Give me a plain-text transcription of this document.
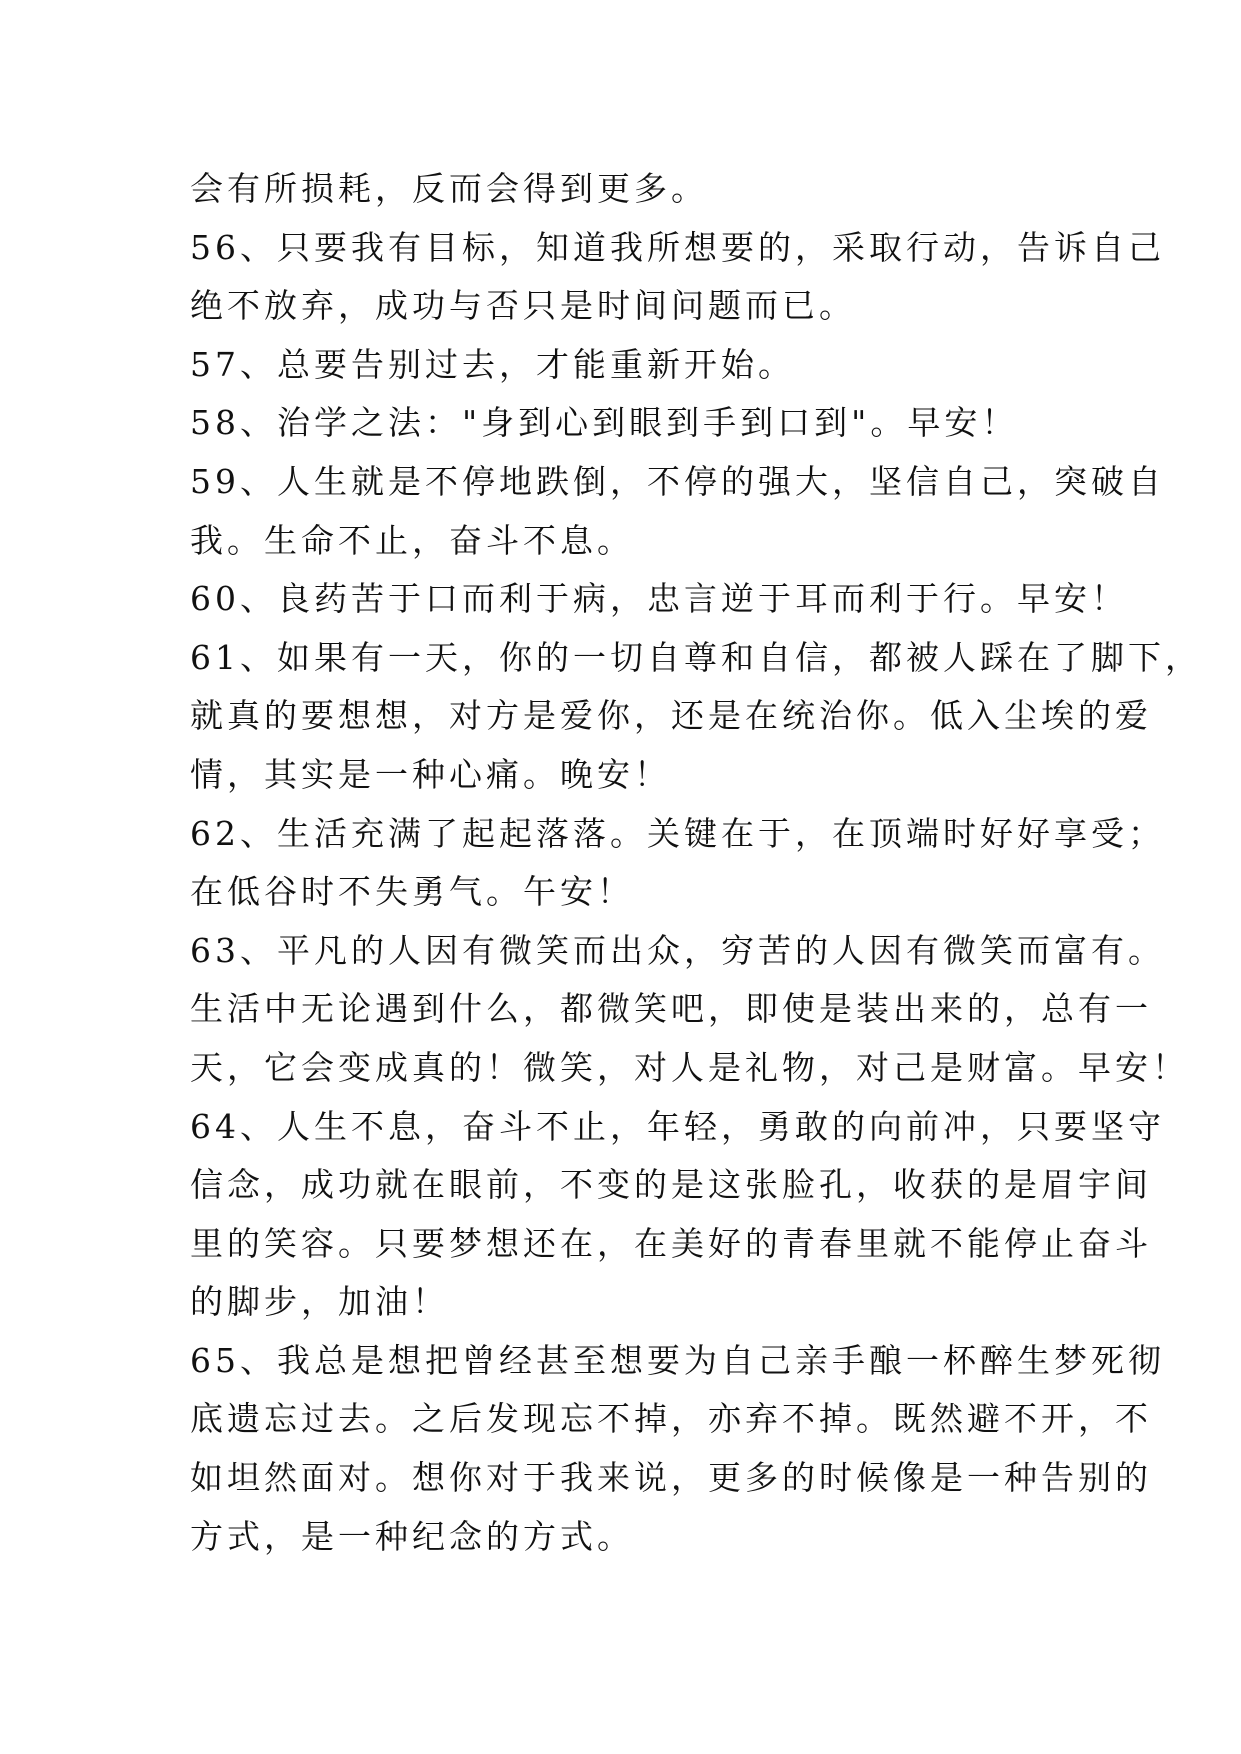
会有所损耗，反而会得到更多。
56、只要我有目标，知道我所想要的，采取行动，告诉自己
绝不放弃，成功与否只是时间问题而已。
57、总要告别过去，才能重新开始。
58、治学之法："身到心到眼到手到口到"。早安！
59、人生就是不停地跌倒，不停的强大，坚信自己，突破自
我。生命不止，奋斗不息。
60、良药苦于口而利于病，忠言逆于耳而利于行。早安！
61、如果有一天，你的一切自尊和自信，都被人踩在了脚下，
就真的要想想，对方是爱你，还是在统治你。低入尘埃的爱
情，其实是一种心痛。晚安！
62、生活充满了起起落落。关键在于，在顶端时好好享受；
在低谷时不失勇气。午安！
63、平凡的人因有微笑而出众，穷苦的人因有微笑而富有。
生活中无论遇到什么，都微笑吧，即使是装出来的，总有一
天，它会变成真的！微笑，对人是礼物，对己是财富。早安！
64、人生不息，奋斗不止，年轻，勇敢的向前冲，只要坚守
信念，成功就在眼前，不变的是这张脸孔，收获的是眉宇间
里的笑容。只要梦想还在，在美好的青春里就不能停止奋斗
的脚步，加油！
65、我总是想把曾经甚至想要为自己亲手酿一杯醉生梦死彻
底遗忘过去。之后发现忘不掉，亦弃不掉。既然避不开，不
如坦然面对。想你对于我来说，更多的时候像是一种告别的
方式，是一种纪念的方式。
